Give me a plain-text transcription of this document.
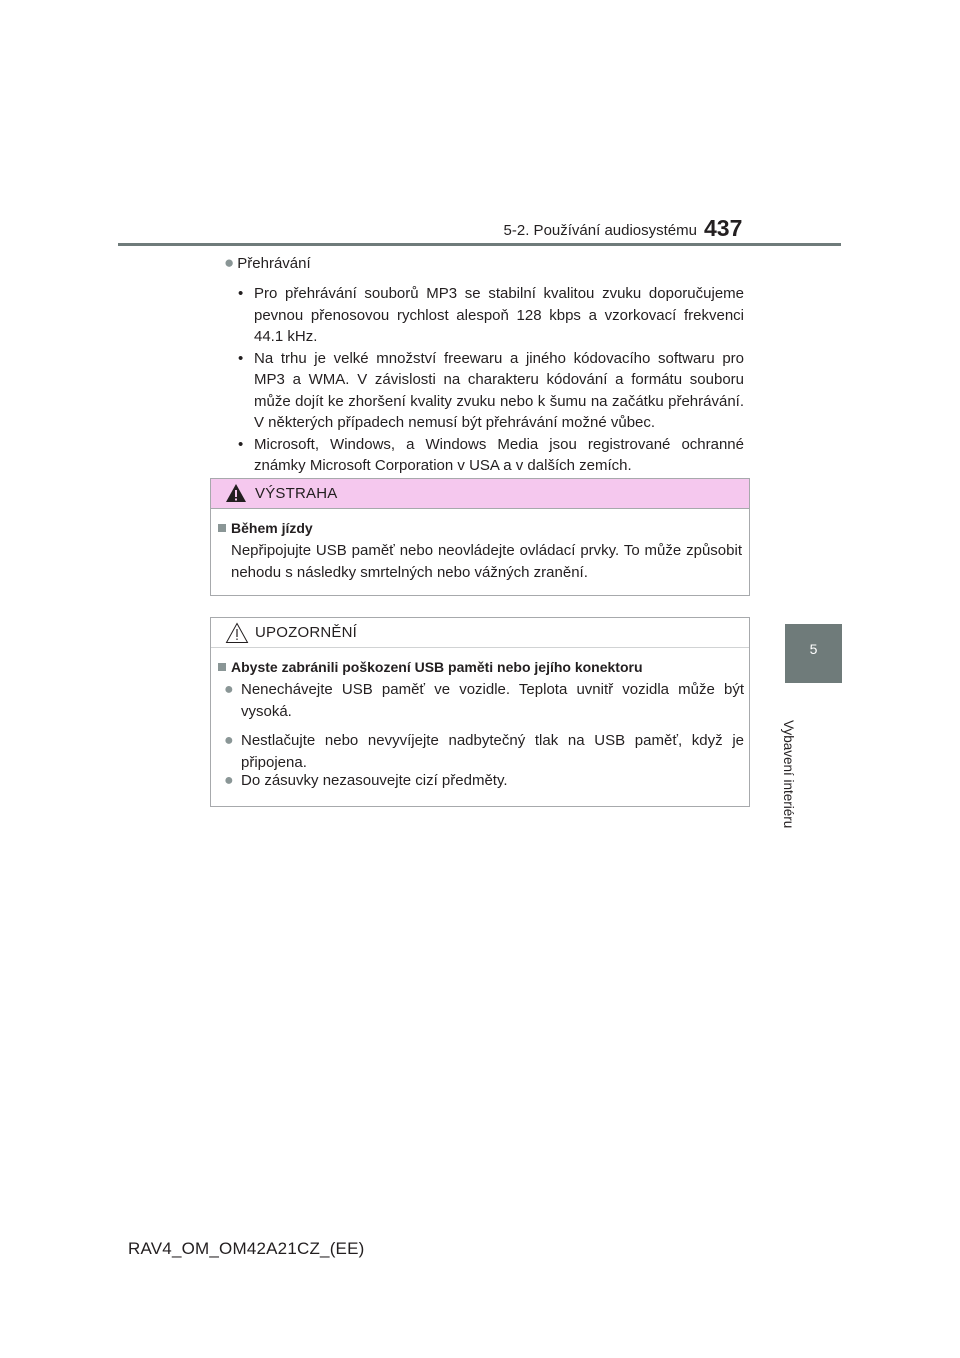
5-2. Používání audiosystému 437
5
Vybavení interiéru
● Přehrávání
• Pro přehrávání souborů MP3 se stabilní kvalitou zvuku doporučujeme pevnou přenosovou rychlost alespoň 128 kbps a vzorkovací frekvenci 44.1 kHz.
• Na trhu je velké množství freewaru a jiného kódovacího softwaru pro MP3 a WMA. V závislosti na charakteru kódování a formátu souboru může dojít ke zhoršení kvality zvuku nebo k šumu na začátku přehrávání. V některých případech nemusí být přehrávání možné vůbec.
• Microsoft, Windows, a Windows Media jsou registrované ochranné známky Microsoft Corporation v USA a v dalších zemích.
VÝSTRAHA
Během jízdy
Nepřipojujte USB paměť nebo neovládejte ovládací prvky. To může způsobit nehodu s následky smrtelných nebo vážných zranění.
UPOZORNĚNÍ
Abyste zabránili poškození USB paměti nebo jejího konektoru
● Nenechávejte USB paměť ve vozidle. Teplota uvnitř vozidla může být vysoká.
● Nestlačujte nebo nevyvíjejte nadbytečný tlak na USB paměť, když je připojena.
● Do zásuvky nezasouvejte cizí předměty.
RAV4_OM_OM42A21CZ_(EE)
